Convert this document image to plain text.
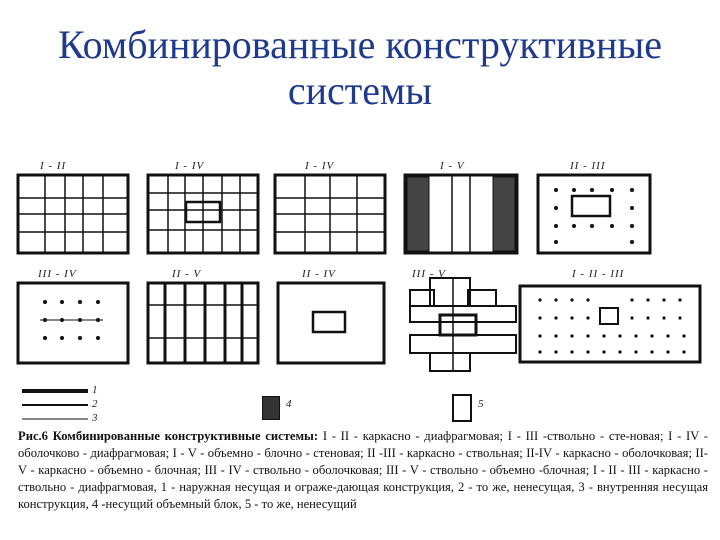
Комбинированные конструктивные
системы
I - II	I - IV	I - IV	I - V	II - III
III - IV	II - V	II - IV	III - V	I - II - III
1
2
3
4	5
Рис.6 Комбинированные конструктивные системы: I - II - каркасно - диафрагмовая; I - III -ствольно - сте-новая; I - IV - оболочково - диафрагмовая; I - V - объемно - блочно - стеновая; II -III - каркасно - ствольная; II-IV - каркасно - оболочковая; II- V - каркасно - объемно - блочная; III - IV - ствольно - оболочковая; III - V - ствольно - объемно -блочная; I - II - III - каркасно - ствольно - диафрагмовая, 1 - наружная несущая и огражe-дающая конструкция, 2 - то же, ненесущая, 3 - внутренняя несущая конструкция, 4 -несущий объемный блок, 5 - то же, ненесущий
